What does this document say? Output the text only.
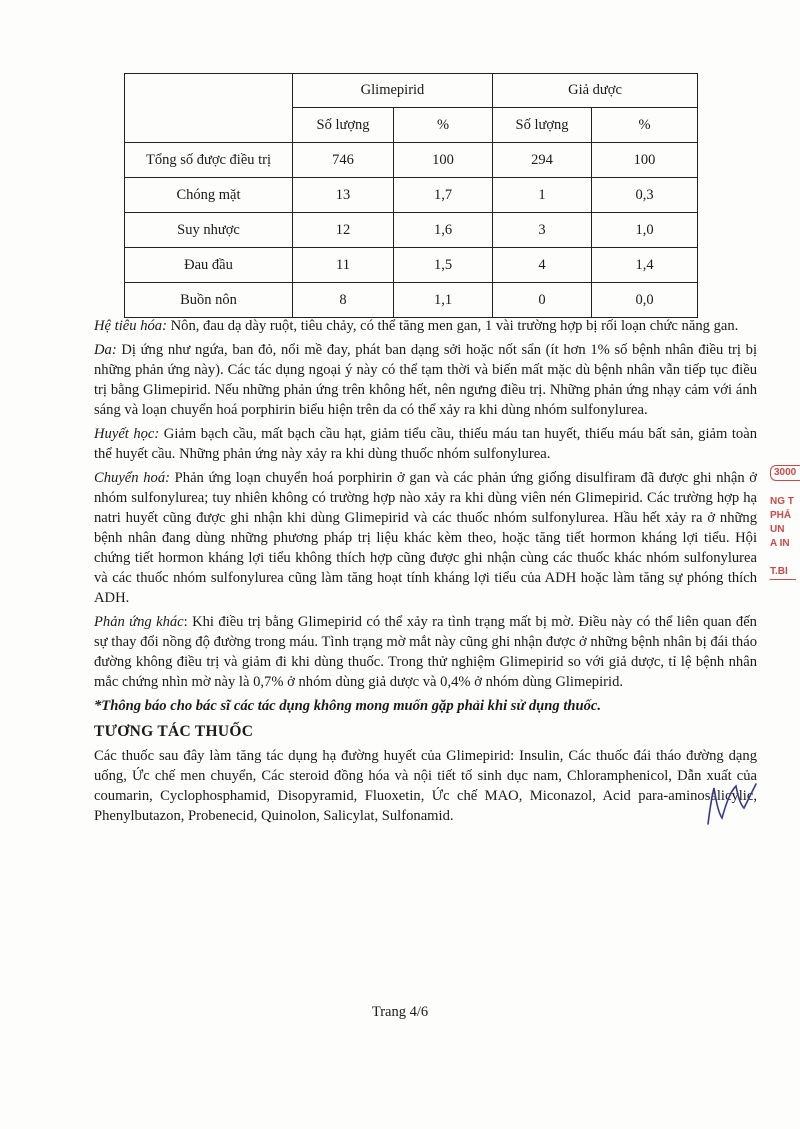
	Glimepirid		Giả dược	
	Số lượng	%	Số lượng	%
Tổng số được điều trị	746	100	294	100
Chóng mặt	13	1,7	1	0,3
Suy nhược	12	1,6	3	1,0
Đau đầu	11	1,5	4	1,4
Buồn nôn	8	1,1	0	0,0

Hệ tiêu hóa: Nôn, đau dạ dày ruột, tiêu chảy, có thể tăng men gan, 1 vài trường hợp bị rối loạn chức năng gan.

Da: Dị ứng như ngứa, ban đỏ, nổi mề đay, phát ban dạng sởi hoặc nốt sẩn (ít hơn 1% số bệnh nhân điều trị bị những phản ứng này). Các tác dụng ngoại ý này có thể tạm thời và biến mất mặc dù bệnh nhân vẫn tiếp tục điều trị bằng Glimepirid. Nếu những phản ứng trên không hết, nên ngưng điều trị. Những phản ứng nhạy cảm với ánh sáng và loạn chuyển hoá porphirin biểu hiện trên da có thể xảy ra khi dùng nhóm sulfonylurea.

Huyết học: Giảm bạch cầu, mất bạch cầu hạt, giảm tiểu cầu, thiếu máu tan huyết, thiếu máu bất sản, giảm toàn thể huyết cầu. Những phản ứng này xảy ra khi dùng thuốc nhóm sulfonylurea.

Chuyển hoá: Phản ứng loạn chuyển hoá porphirin ở gan và các phản ứng giống disulfiram đã được ghi nhận ở nhóm sulfonylurea; tuy nhiên không có trường hợp nào xảy ra khi dùng viên nén Glimepirid. Các trường hợp hạ natri huyết cũng được ghi nhận khi dùng Glimepirid và các thuốc nhóm sulfonylurea. Hầu hết xảy ra ở những bệnh nhân đang dùng những phương pháp trị liệu khác kèm theo, hoặc tăng tiết hormon kháng lợi tiểu. Hội chứng tiết hormon kháng lợi tiểu không thích hợp cũng được ghi nhận cùng các thuốc khác nhóm sulfonylurea và các thuốc nhóm sulfonylurea cũng làm tăng hoạt tính kháng lợi tiểu của ADH hoặc làm tăng sự phóng thích ADH.

Phản ứng khác: Khi điều trị bằng Glimepirid có thể xảy ra tình trạng mất bị mờ. Điều này có thể liên quan đến sự thay đổi nồng độ đường trong máu. Tình trạng mờ mắt này cũng ghi nhận được ở những bệnh nhân bị đái tháo đường không điều trị và giảm đi khi dùng thuốc. Trong thử nghiệm Glimepirid so với giả dược, tỉ lệ bệnh nhân mắc chứng nhìn mờ này là 0,7% ở nhóm dùng giả dược và 0,4% ở nhóm dùng Glimepirid.

*Thông báo cho bác sĩ các tác dụng không mong muốn gặp phải khi sử dụng thuốc.
TƯƠNG TÁC THUỐC

Các thuốc sau đây làm tăng tác dụng hạ đường huyết của Glimepirid: Insulin, Các thuốc đái tháo đường dạng uống, Ức chế men chuyển, Các steroid đồng hóa và nội tiết tố sinh dục nam, Chloramphenicol, Dẫn xuất của coumarin, Cyclophosphamid, Disopyramid, Fluoxetin, Ức chế MAO, Miconazol, Acid para-aminosalicylic, Phenylbutazon, Probenecid, Quinolon, Salicylat, Sulfonamid.

Trang 4/6
3000
NG T
PHẢ
UN
A IN
T.BI
